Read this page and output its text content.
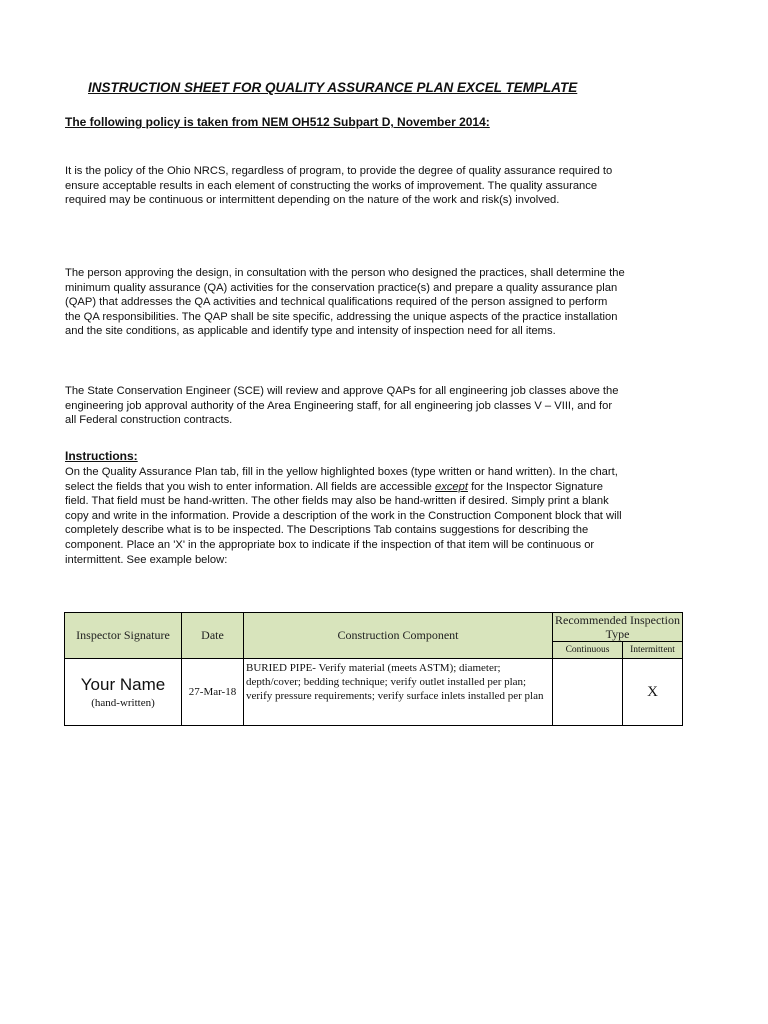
INSTRUCTION SHEET FOR QUALITY ASSURANCE PLAN EXCEL TEMPLATE
The following policy is taken from NEM OH512 Subpart D, November 2014:
It is the policy of the Ohio NRCS, regardless of program, to provide the degree of quality assurance required to ensure acceptable results in each element of constructing the works of improvement. The quality assurance required may be continuous or intermittent depending on the nature of the work and risk(s) involved.
The person approving the design, in consultation with the person who designed the practices, shall determine the minimum quality assurance (QA) activities for the conservation practice(s) and prepare a quality assurance plan (QAP) that addresses the QA activities and technical qualifications required of the person assigned to perform the QA responsibilities. The QAP shall be site specific, addressing the unique aspects of the practice installation and the site conditions, as applicable and identify type and intensity of inspection need for all items.
The State Conservation Engineer (SCE) will review and approve QAPs for all engineering job classes above the engineering job approval authority of the Area Engineering staff, for all engineering job classes V – VIII, and for all Federal construction contracts.
Instructions:
On the Quality Assurance Plan tab, fill in the yellow highlighted boxes (type written or hand written). In the chart, select the fields that you wish to enter information. All fields are accessible except for the Inspector Signature field. That field must be hand-written. The other fields may also be hand-written if desired. Simply print a blank copy and write in the information. Provide a description of the work in the Construction Component block that will completely describe what is to be inspected. The Descriptions Tab contains suggestions for describing the component. Place an 'X' in the appropriate box to indicate if the inspection of that item will be continuous or intermittent. See example below:
Inspector Signature	Date	Construction Component	Recommended Inspection Type	
			Continuous	Intermittent

Your Name
(hand-written)	27-Mar-18	BURIED PIPE- Verify material (meets ASTM); diameter; depth/cover; bedding technique; verify outlet installed per plan; verify pressure requirements; verify surface inlets installed per plan		X
